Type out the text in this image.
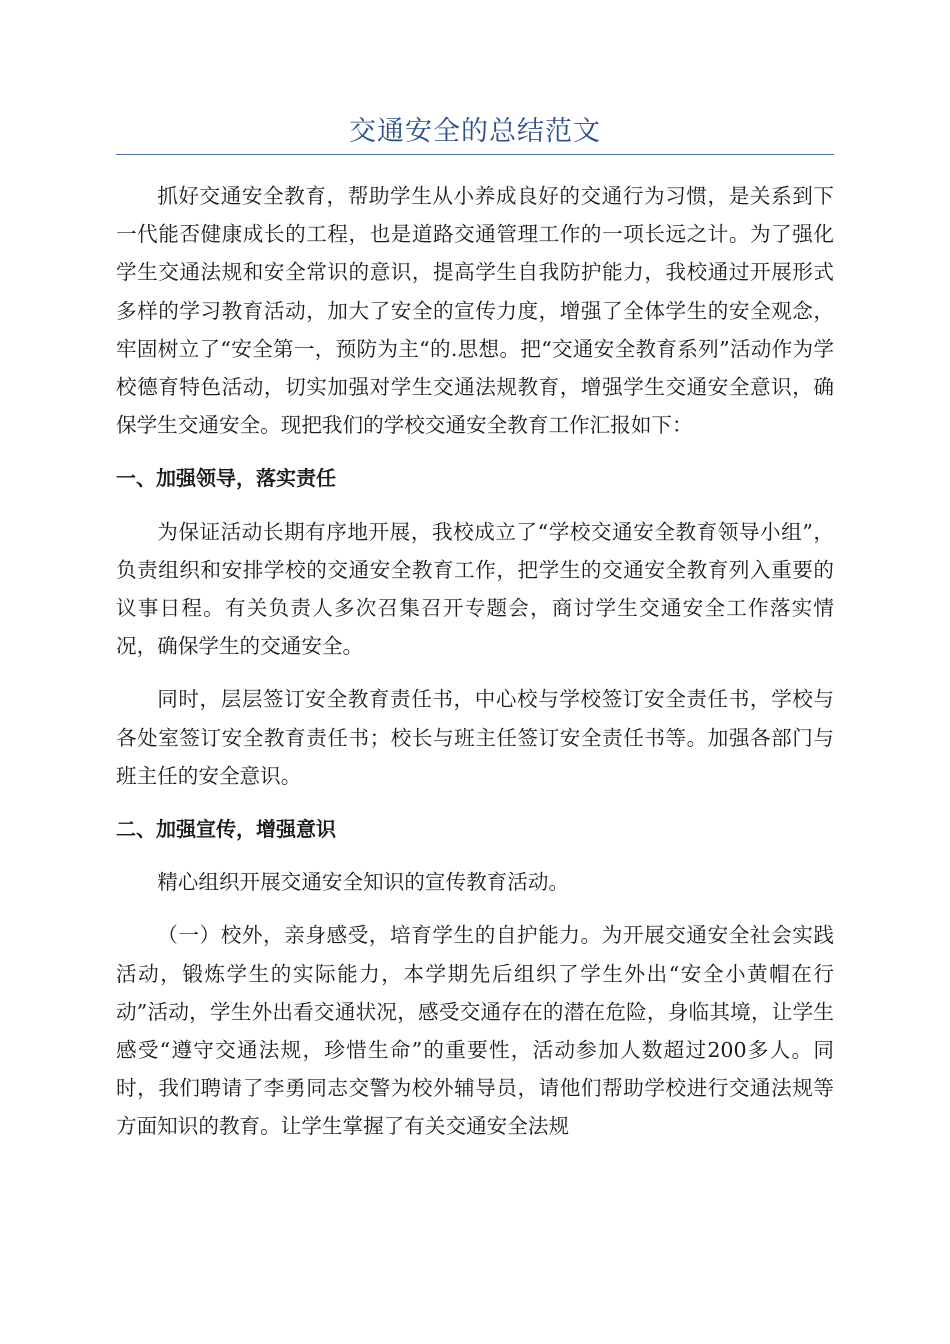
交通安全的总结范文

抓好交通安全教育，帮助学生从小养成良好的交通行为习惯，是关系到下一代能否健康成长的工程，也是道路交通管理工作的一项长远之计。为了强化学生交通法规和安全常识的意识，提高学生自我防护能力，我校通过开展形式多样的学习教育活动，加大了安全的宣传力度，增强了全体学生的安全观念，牢固树立了“安全第一，预防为主“的.思想。把“交通安全教育系列”活动作为学校德育特色活动，切实加强对学生交通法规教育，增强学生交通安全意识，确保学生交通安全。现把我们的学校交通安全教育工作汇报如下：

一、加强领导，落实责任

为保证活动长期有序地开展，我校成立了“学校交通安全教育领导小组”，负责组织和安排学校的交通安全教育工作，把学生的交通安全教育列入重要的议事日程。有关负责人多次召集召开专题会，商讨学生交通安全工作落实情况，确保学生的交通安全。

同时，层层签订安全教育责任书，中心校与学校签订安全责任书，学校与各处室签订安全教育责任书；校长与班主任签订安全责任书等。加强各部门与班主任的安全意识。

二、加强宣传，增强意识

精心组织开展交通安全知识的宣传教育活动。

（一）校外，亲身感受，培育学生的自护能力。为开展交通安全社会实践活动，锻炼学生的实际能力，本学期先后组织了学生外出“安全小黄帽在行动”活动，学生外出看交通状况，感受交通存在的潜在危险，身临其境，让学生感受“遵守交通法规，珍惜生命”的重要性，活动参加人数超过200多人。同时，我们聘请了李勇同志交警为校外辅导员，请他们帮助学校进行交通法规等方面知识的教育。让学生掌握了有关交通安全法规
